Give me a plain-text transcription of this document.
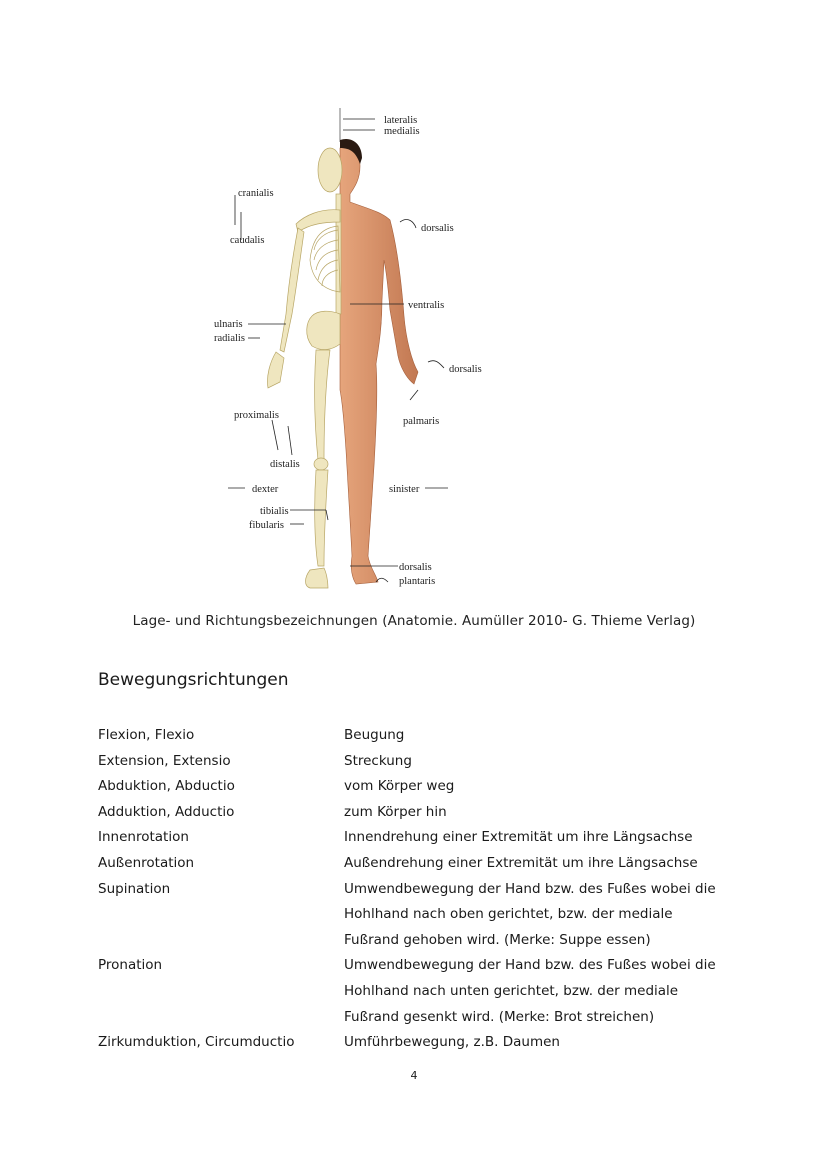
lateralis
medialis
cranialis
caudalis
dorsalis
ventralis
ulnaris
radialis
dorsalis
proximalis
palmaris
distalis
dexter	sinister
tibialis
fibularis
dorsalis
plantaris
Lage- und Richtungsbezeichnungen (Anatomie. Aumüller 2010- G. Thieme Verlag)
Bewegungsrichtungen
Flexion, Flexio	Beugung
Extension, Extensio	Streckung
Abduktion, Abductio	vom Körper weg
Adduktion, Adductio	zum Körper hin
Innenrotation	Innendrehung einer Extremität um ihre Längsachse
Außenrotation	Außendrehung einer Extremität um ihre Längsachse
Supination	Umwendbewegung der Hand bzw. des Fußes wobei die
Hohlhand nach oben gerichtet, bzw. der mediale
Fußrand gehoben wird. (Merke: Suppe essen)
Pronation	Umwendbewegung der Hand bzw. des Fußes wobei die
Hohlhand nach unten gerichtet, bzw. der mediale
Fußrand gesenkt wird. (Merke: Brot streichen)
Zirkumduktion, Circumductio	Umführbewegung, z.B. Daumen
4
